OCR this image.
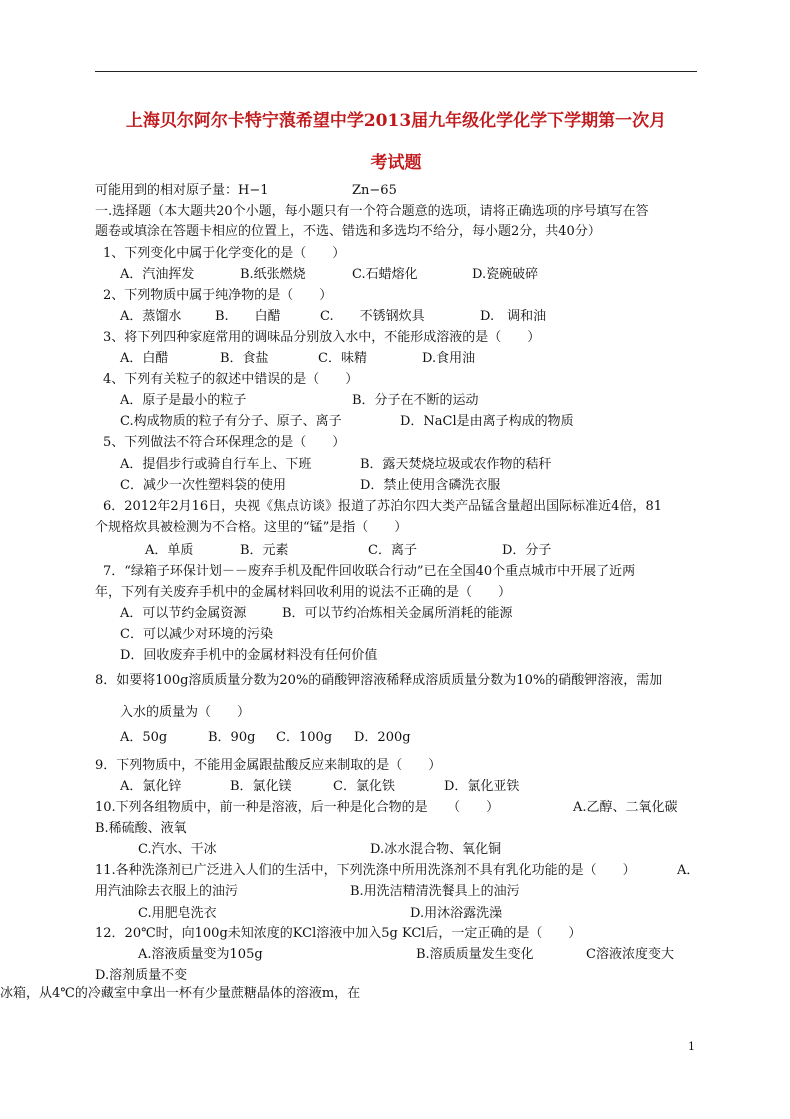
上海贝尔阿尔卡特宁蒗希望中学2013届九年级化学化学下学期第一次月
考试题
可能用到的相对原子量：H−1	Zn−65
一.选择题（本大题共20个小题，每小题只有一个符合题意的选项，请将正确选项的序号填写在答
题卷或填涂在答题卡相应的位置上，不选、错选和多选均不给分，每小题2分，共40分）
1、下列变化中属于化学变化的是（　　）
A．汽油挥发	B.纸张燃烧	C.石蜡熔化	D.瓷碗破碎
2、下列物质中属于纯净物的是（　　）
A．蒸馏水	B.　　白醋	C.　　不锈钢炊具	D.　调和油
3、将下列四种家庭常用的调味品分别放入水中，不能形成溶液的是（　　）
A．白醋	B．食盐	C．味精	D.食用油
4、下列有关粒子的叙述中错误的是（　　）
A．原子是最小的粒子	B．分子在不断的运动
C.构成物质的粒子有分子、原子、离子	D．NaCl是由离子构成的物质
5、下列做法不符合环保理念的是（　　）
A．提倡步行或骑自行车上、下班	B．露天焚烧垃圾或农作物的秸秆
C．减少一次性塑料袋的使用	D．禁止使用含磷洗衣服
6．2012年2月16日，央视《焦点访谈》报道了苏泊尔四大类产品锰含量超出国际标准近4倍，81
个规格炊具被检测为不合格。这里的“锰”是指（　　）
A．单质	B．元素	C．离子	D．分子
7．“绿箱子环保计划－－废弃手机及配件回收联合行动”已在全国40个重点城市中开展了近两
年，下列有关废弃手机中的金属材料回收利用的说法不正确的是（　　）
A．可以节约金属资源	B．可以节约冶炼相关金属所消耗的能源
C．可以减少对环境的污染
D．回收废弃手机中的金属材料没有任何价值
8．如要将100g溶质质量分数为20%的硝酸钾溶液稀释成溶质质量分数为10%的硝酸钾溶液，需加
入水的质量为（　　）
A．50g	B．90g C．100g D．200g
9．下列物质中，不能用金属跟盐酸反应来制取的是（　　）
A．氯化锌	B．氯化镁	C．氯化铁	D．氯化亚铁
10.下列各组物质中，前一种是溶液，后一种是化合物的是　　（　　）	A.乙醇、二氧化碳
B.稀硫酸、液氧
C.汽水、干冰	D.冰水混合物、氧化铜
11.各种洗涤剂已广泛进入人们的生活中，下列洗涤中所用洗涤剂不具有乳化功能的是（　　）	A．
用汽油除去衣服上的油污	B.用洗洁精清洗餐具上的油污
C.用肥皂洗衣	D.用沐浴露洗澡
12．20℃时，向100g未知浓度的KCl溶液中加入5g KCl后，一定正确的是（　　）
A.溶液质量变为105g	B.溶质质量发生变化	C溶液浓度变大
D.溶剂质量不变
冰箱，从4℃的冷藏室中拿出一杯有少量蔗糖晶体的溶液m，在
1
